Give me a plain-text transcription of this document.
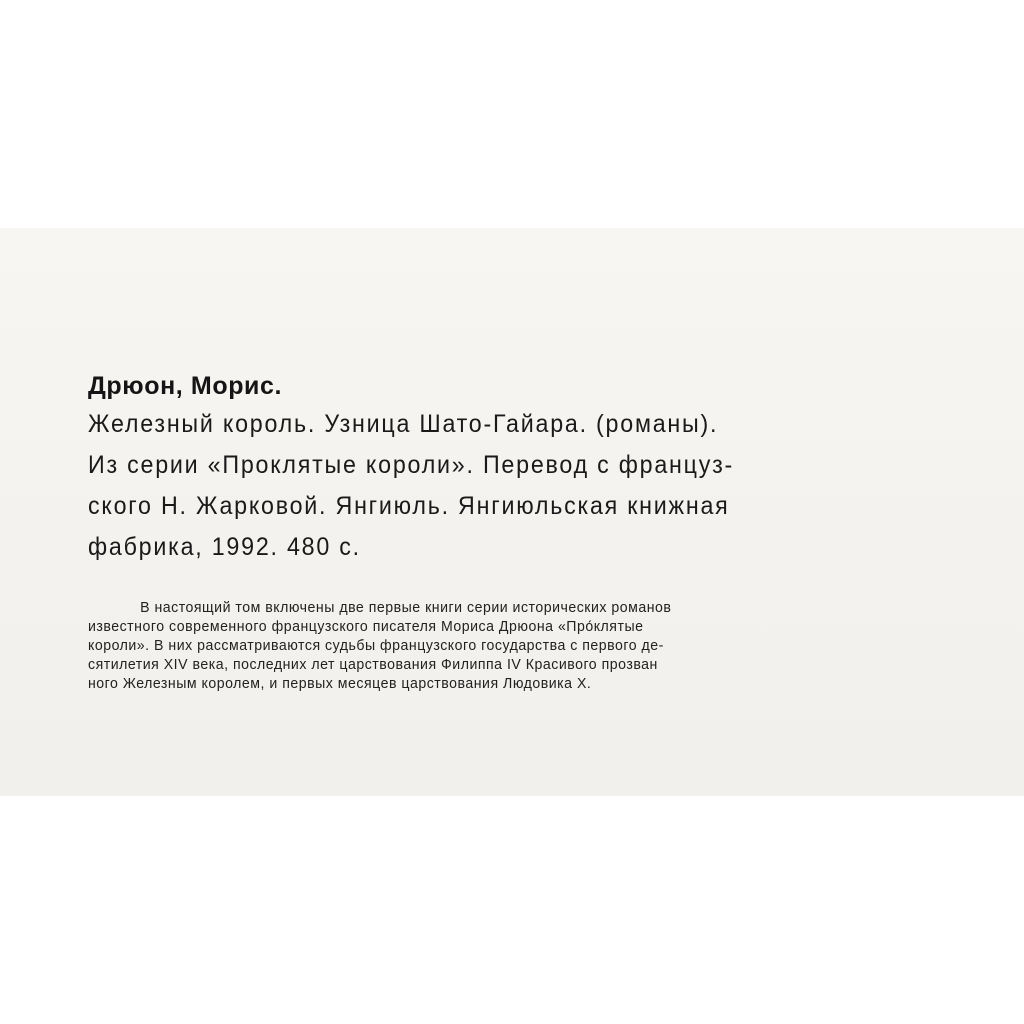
Дрюон, Морис.
Железный король. Узница Шато-Гайара. (романы).
Из серии «Проклятые короли». Перевод с француз-
ского Н. Жарковой. Янгиюль. Янгиюльская книжная
фабрика, 1992. 480 с.
В настоящий том включены две первые книги серии исторических романов
известного современного французского писателя Мориса Дрюона «Про́клятые
короли». В них рассматриваются судьбы французского государства с первого де-
сятилетия XIV века, последних лет царствования Филиппа IV Красивого прозван
ного Железным королем, и первых месяцев царствования Людовика X.
